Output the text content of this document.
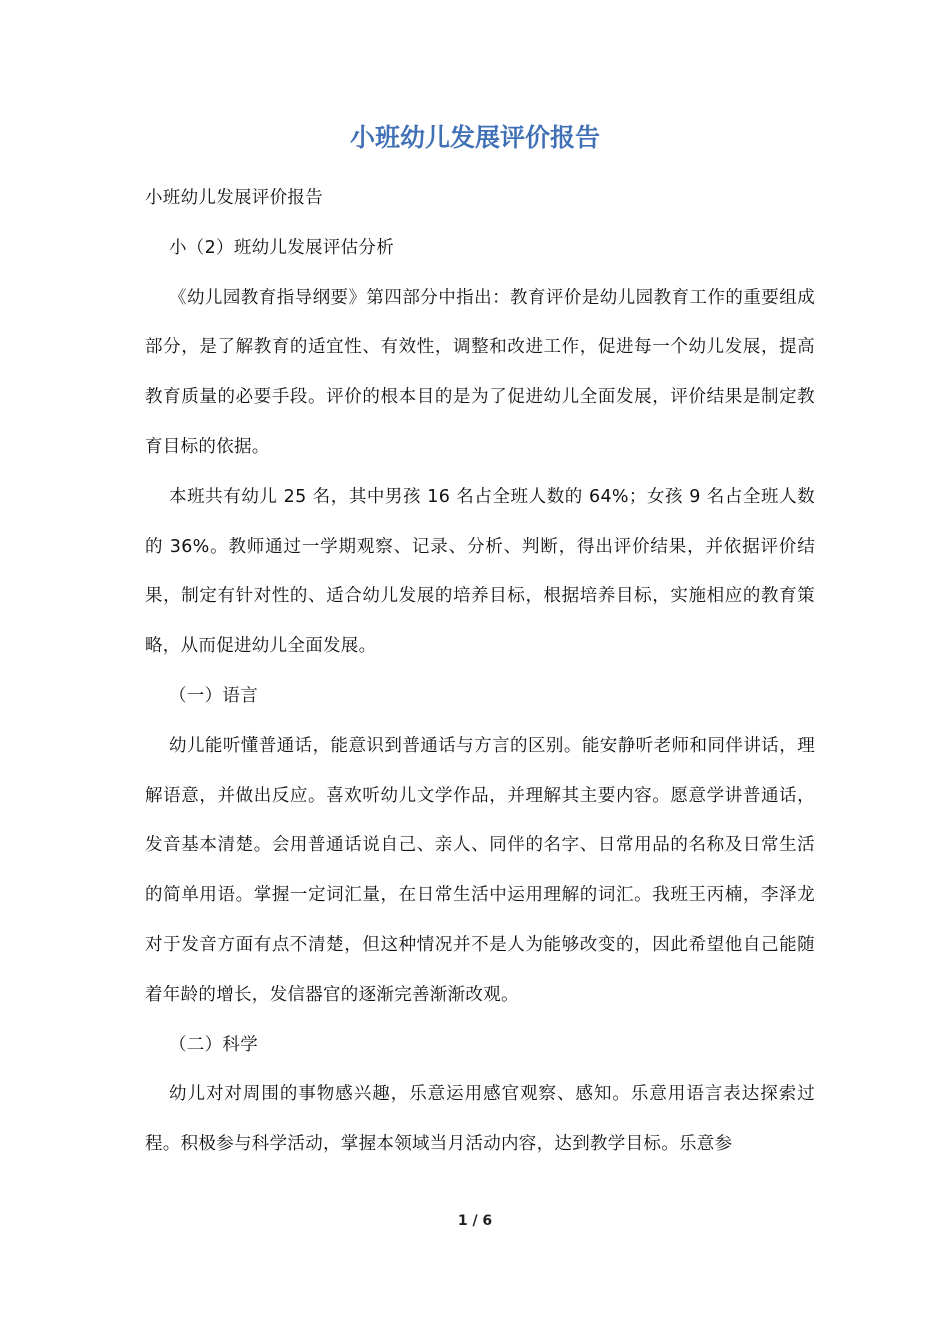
小班幼儿发展评价报告

小班幼儿发展评价报告

小（2）班幼儿发展评估分析

《幼儿园教育指导纲要》第四部分中指出：教育评价是幼儿园教育工作的重要组成部分，是了解教育的适宜性、有效性，调整和改进工作，促进每一个幼儿发展，提高教育质量的必要手段。评价的根本目的是为了促进幼儿全面发展，评价结果是制定教育目标的依据。

本班共有幼儿 25 名，其中男孩 16 名占全班人数的 64%；女孩 9 名占全班人数的 36%。教师通过一学期观察、记录、分析、判断，得出评价结果，并依据评价结果，制定有针对性的、适合幼儿发展的培养目标，根据培养目标，实施相应的教育策略，从而促进幼儿全面发展。

（一）语言

幼儿能听懂普通话，能意识到普通话与方言的区别。能安静听老师和同伴讲话，理解语意，并做出反应。喜欢听幼儿文学作品，并理解其主要内容。愿意学讲普通话，发音基本清楚。会用普通话说自己、亲人、同伴的名字、日常用品的名称及日常生活的简单用语。掌握一定词汇量，在日常生活中运用理解的词汇。我班王丙楠，李泽龙对于发音方面有点不清楚，但这种情况并不是人为能够改变的，因此希望他自己能随着年龄的增长，发信器官的逐渐完善渐渐改观。

（二）科学

幼儿对对周围的事物感兴趣，乐意运用感官观察、感知。乐意用语言表达探索过程。积极参与科学活动，掌握本领域当月活动内容，达到教学目标。乐意参

1 / 6
